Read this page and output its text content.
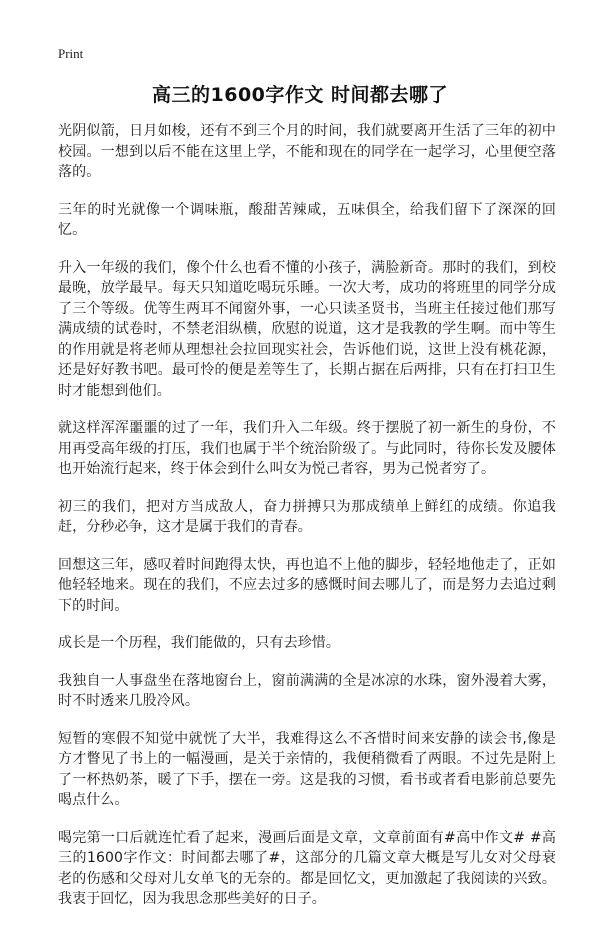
Print
高三的1600字作文 时间都去哪了

光阴似箭，日月如梭，还有不到三个月的时间，我们就要离开生活了三年的初中校园。一想到以后不能在这里上学，不能和现在的同学在一起学习，心里便空落落的。

三年的时光就像一个调味瓶，酸甜苦辣咸，五味俱全，给我们留下了深深的回忆。

升入一年级的我们，像个什么也看不懂的小孩子，满脸新奇。那时的我们，到校最晚，放学最早。每天只知道吃喝玩乐睡。一次大考，成功的将班里的同学分成了三个等级。优等生两耳不闻窗外事，一心只读圣贤书，当班主任接过他们那写满成绩的试卷时，不禁老泪纵横，欣慰的说道，这才是我教的学生啊。而中等生的作用就是将老师从理想社会拉回现实社会，告诉他们说，这世上没有桃花源，还是好好教书吧。最可怜的便是差等生了，长期占据在后两排，只有在打扫卫生时才能想到他们。

就这样浑浑噩噩的过了一年，我们升入二年级。终于摆脱了初一新生的身份，不用再受高年级的打压，我们也属于半个统治阶级了。与此同时，待你长发及腰体也开始流行起来，终于体会到什么叫女为悦己者容，男为己悦者穷了。

初三的我们，把对方当成敌人，奋力拼搏只为那成绩单上鲜红的成绩。你追我赶，分秒必争，这才是属于我们的青春。

回想这三年，感叹着时间跑得太快，再也追不上他的脚步，轻轻地他走了，正如他轻轻地来。现在的我们，不应去过多的感慨时间去哪儿了，而是努力去追过剩下的时间。

成长是一个历程，我们能做的，只有去珍惜。

我独自一人事盘坐在落地窗台上，窗前满满的全是冰凉的水珠，窗外漫着大雾，时不时透来几股冷风。

短暂的寒假不知觉中就恍了大半，我难得这么不吝惜时间来安静的读会书,像是方才瞥见了书上的一幅漫画，是关于亲情的，我便稍微看了两眼。不过先是附上了一杯热奶茶，暖了下手，摆在一旁。这是我的习惯，看书或者看电影前总要先喝点什么。

喝完第一口后就连忙看了起来，漫画后面是文章，文章前面有#高中作文# #高三的1600字作文：时间都去哪了#，这部分的几篇文章大概是写儿女对父母衰老的伤感和父母对儿女单飞的无奈的。都是回忆文，更加激起了我阅读的兴致。我衷于回忆，因为我思念那些美好的日子。
